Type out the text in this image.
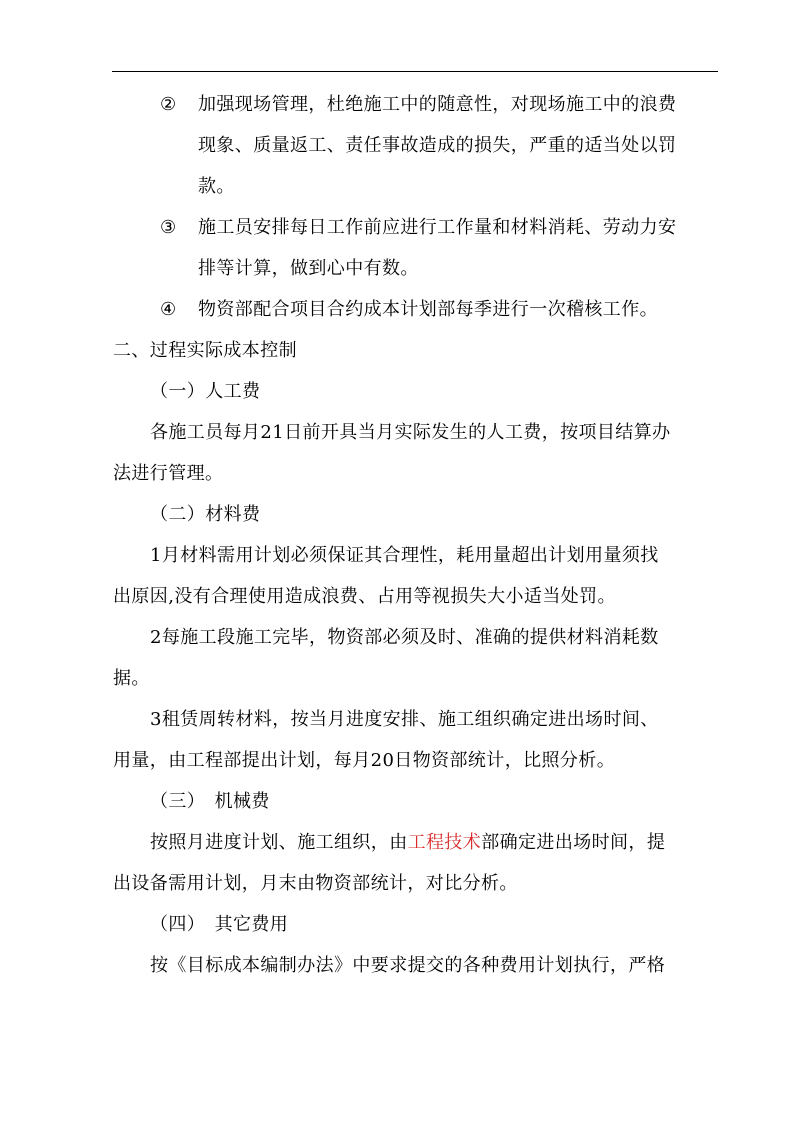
② 加强现场管理，杜绝施工中的随意性，对现场施工中的浪费
现象、质量返工、责任事故造成的损失，严重的适当处以罚
款。
③ 施工员安排每日工作前应进行工作量和材料消耗、劳动力安
排等计算，做到心中有数。
④ 物资部配合项目合约成本计划部每季进行一次稽核工作。
二、过程实际成本控制
（一）人工费
各施工员每月21日前开具当月实际发生的人工费，按项目结算办
法进行管理。
（二）材料费
1月材料需用计划必须保证其合理性，耗用量超出计划用量须找
出原因,没有合理使用造成浪费、占用等视损失大小适当处罚。
2每施工段施工完毕，物资部必须及时、准确的提供材料消耗数
据。
3租赁周转材料，按当月进度安排、施工组织确定进出场时间、
用量，由工程部提出计划，每月20日物资部统计，比照分析。
（三）　机械费
按照月进度计划、施工组织，由工程技术部确定进出场时间，提
出设备需用计划，月末由物资部统计，对比分析。
（四）　其它费用
按《目标成本编制办法》中要求提交的各种费用计划执行，严格
